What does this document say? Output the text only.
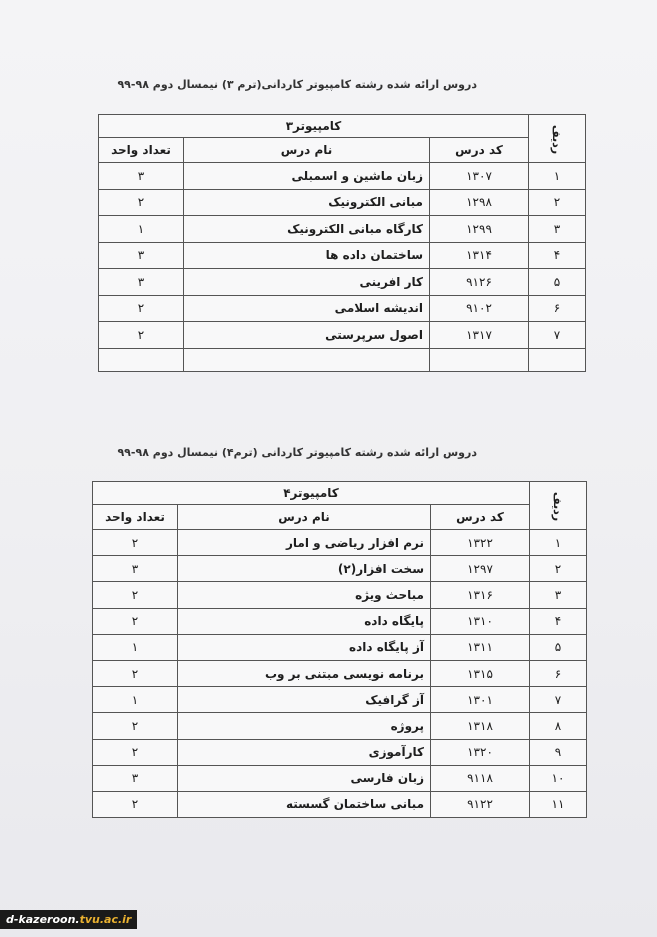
دروس ارائه شده رشته کامپیوتر کاردانی(ترم ۳) نیمسال دوم ۹۸-۹۹
ردیف	کامپیوتر۳		
	کد درس	نام درس	تعداد واحد
۱	۱۳۰۷	زبان ماشین و اسمبلی	۳
۲	۱۲۹۸	مبانی الکترونیک	۲
۳	۱۲۹۹	کارگاه مبانی الکترونیک	۱
۴	۱۳۱۴	ساختمان داده ها	۳
۵	۹۱۲۶	کار افرینی	۳
۶	۹۱۰۲	اندیشه اسلامی	۲
۷	۱۳۱۷	اصول سرپرستی	۲

دروس ارائه شده رشته کامپیوتر کاردانی (ترم۴) نیمسال دوم ۹۸-۹۹
ردیف	کامپیوتر۴		
	کد درس	نام درس	تعداد واحد
۱	۱۳۲۲	نرم افزار ریاضی و امار	۲
۲	۱۲۹۷	سخت افزار(۲)	۳
۳	۱۳۱۶	مباحث ویژه	۲
۴	۱۳۱۰	پایگاه داده	۲
۵	۱۳۱۱	آز پایگاه داده	۱
۶	۱۳۱۵	برنامه نویسی مبتنی بر وب	۲
۷	۱۳۰۱	آز گرافیک	۱
۸	۱۳۱۸	پروژه	۲
۹	۱۳۲۰	کارآموزی	۲
۱۰	۹۱۱۸	زبان فارسی	۳
۱۱	۹۱۲۲	مبانی ساختمان گسسته	۲
d-kazeroon.tvu.ac.ir
